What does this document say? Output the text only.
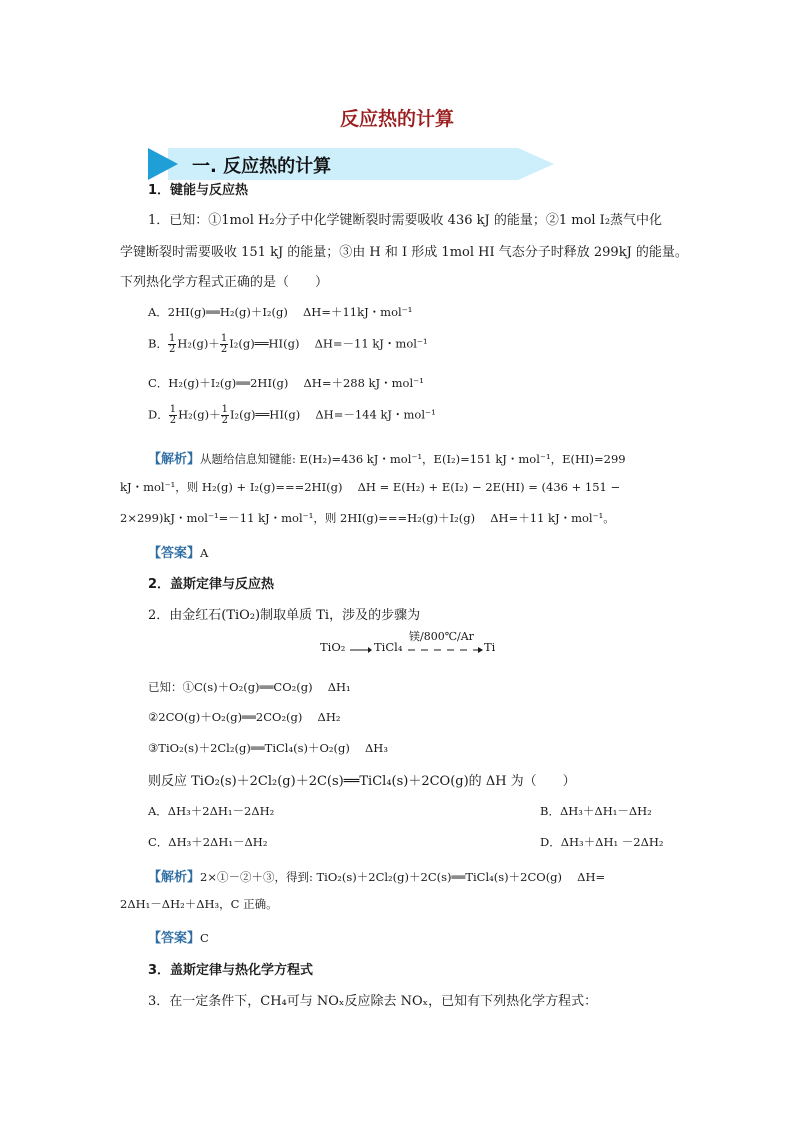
反应热的计算
一. 反应热的计算
1．键能与反应热
1．已知：①1mol H₂分子中化学键断裂时需要吸收 436 kJ 的能量；②1 mol I₂蒸气中化
学键断裂时需要吸收 151 kJ 的能量；③由 H 和 I 形成 1mol HI 气态分子时释放 299kJ 的能量。
下列热化学方程式正确的是（　　）
A．2HI(g)══H₂(g)＋I₂(g)　 ΔH=＋11kJ・mol⁻¹
B． $\frac{1}{2} H_2(g)+ \frac{1}{2}$ I₂(g)══HI(g)　 ΔH=－11 kJ・mol⁻¹
C．H₂(g)＋I₂(g)══2HI(g)　 ΔH=＋288 kJ・mol⁻¹
D． $\frac{1}{2} H_2(g)+ \frac{1}{2}$ I₂(g)══HI(g)　 ΔH=－144 kJ・mol⁻¹
【解析】从题给信息知键能: E(H₂)=436 kJ・mol⁻¹，E(I₂)=151 kJ・mol⁻¹，E(HI)=299
kJ・mol⁻¹，则 H₂(g) + I₂(g)===2HI(g)　 ΔH = E(H₂) + E(I₂) − 2E(HI) = (436 + 151 −
2×299)kJ・mol⁻¹=－11 kJ・mol⁻¹，则 2HI(g)===H₂(g)＋I₂(g)　 ΔH=＋11 kJ・mol⁻¹。
【答案】A
2．盖斯定律与反应热
2．由金红石(TiO₂)制取单质 Ti，涉及的步骤为
TiO₂ TiCl₄
镁/800℃/Ar
Ti
已知：①C(s)＋O₂(g)══CO₂(g)　 ΔH₁
②2CO(g)＋O₂(g)══2CO₂(g)　 ΔH₂
③TiO₂(s)＋2Cl₂(g)══TiCl₄(s)＋O₂(g)　 ΔH₃
则反应 TiO₂(s)＋2Cl₂(g)＋2C(s)══TiCl₄(s)＋2CO(g)的 ΔH 为（　　）
A．ΔH₃＋2ΔH₁－2ΔH₂	B．ΔH₃＋ΔH₁－ΔH₂
C．ΔH₃＋2ΔH₁－ΔH₂	D．ΔH₃＋ΔH₁ －2ΔH₂
【解析】2×①－②＋③，得到: TiO₂(s)＋2Cl₂(g)＋2C(s)══TiCl₄(s)＋2CO(g)　 ΔH=
2ΔH₁－ΔH₂＋ΔH₃，C 正确。
【答案】C
3．盖斯定律与热化学方程式
3．在一定条件下，CH₄可与 NOₓ反应除去 NOₓ，已知有下列热化学方程式：
